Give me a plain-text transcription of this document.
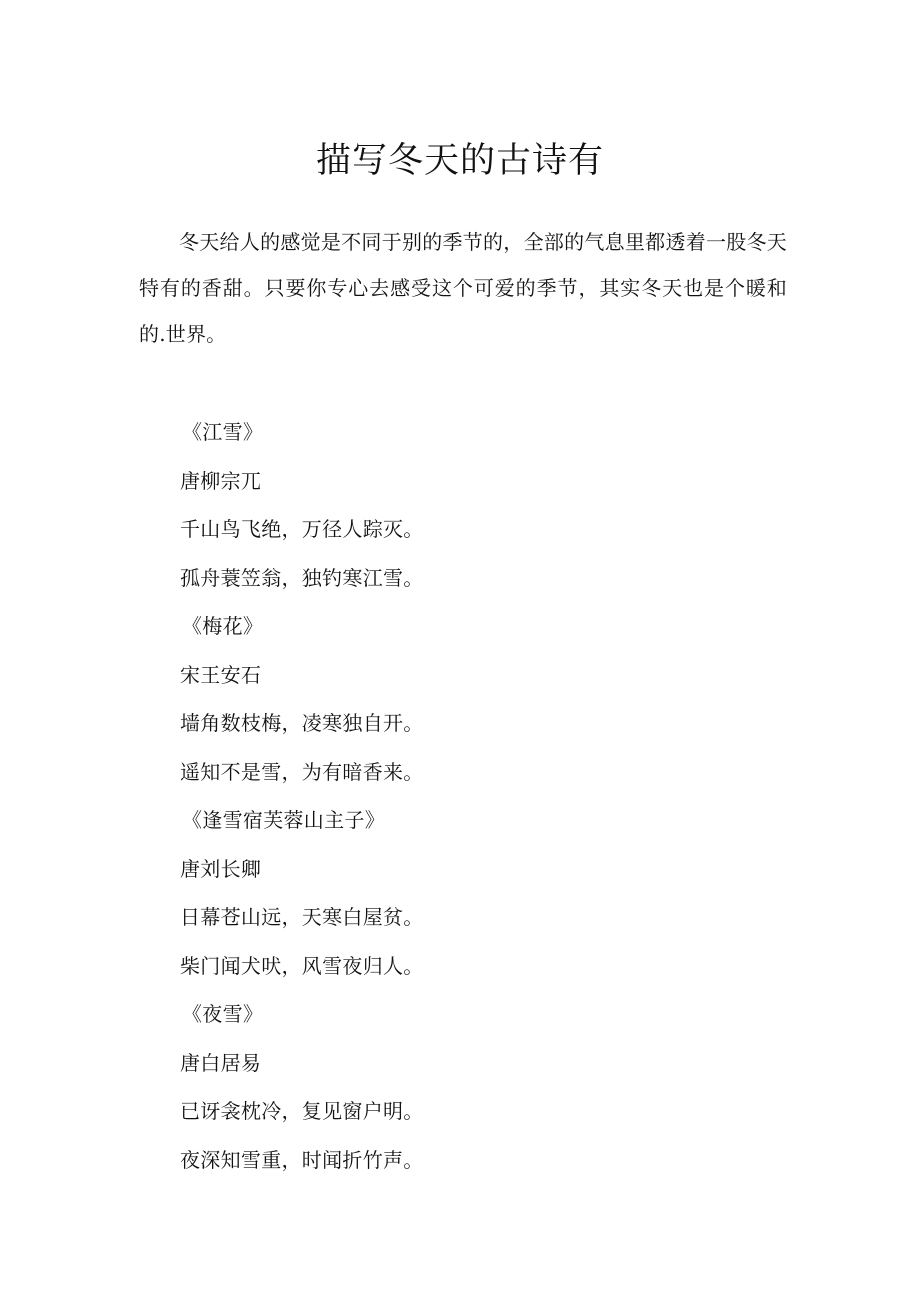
描写冬天的古诗有

冬天给人的感觉是不同于别的季节的，全部的气息里都透着一股冬天特有的香甜。只要你专心去感受这个可爱的季节，其实冬天也是个暖和的.世界。

《江雪》
唐柳宗兀
千山鸟飞绝，万径人踪灭。
孤舟蓑笠翁，独钓寒江雪。
《梅花》
宋王安石
墙角数枝梅，凌寒独自开。
遥知不是雪，为有暗香来。
《逢雪宿芙蓉山主子》
唐刘长卿
日幕苍山远，天寒白屋贫。
柴门闻犬吠，风雪夜归人。
《夜雪》
唐白居易
已讶衾枕冷，复见窗户明。
夜深知雪重，时闻折竹声。
